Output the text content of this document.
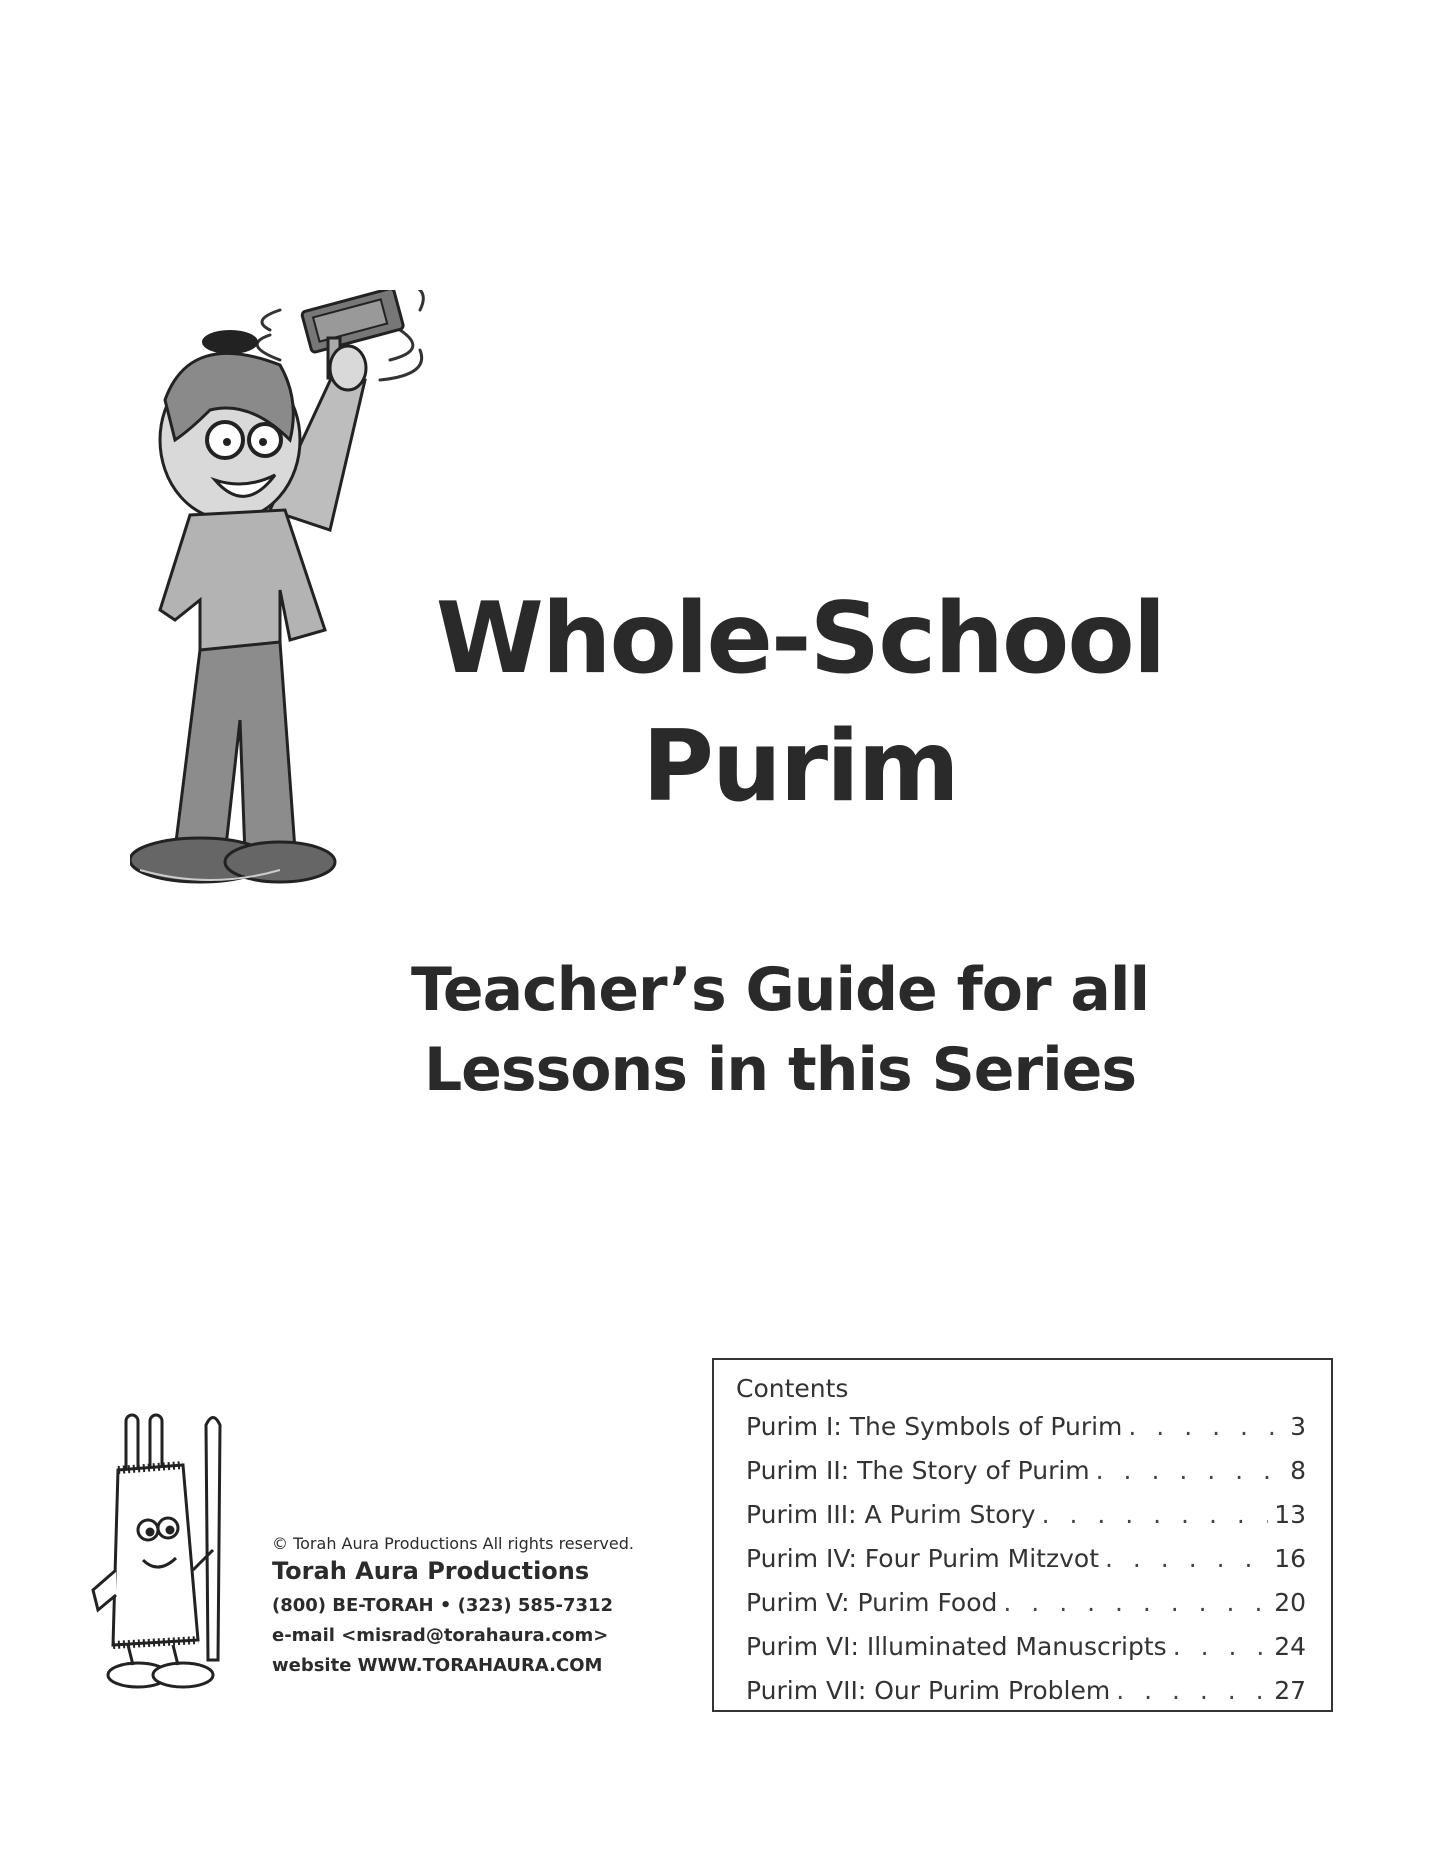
Whole-School
Purim
Teacher’s Guide for all
Lessons in this Series
© Torah Aura Productions All rights reserved.
Torah Aura Productions
(800) BE-TORAH • (323) 585-7312
e-mail <misrad@torahaura.com>
website WWW.TORAHAURA.COM
Contents
Purim I: The Symbols of Purim . . .	3
Purim II: The Story of Purim . . .	8
Purim III: A Purim Story . . .	13
Purim IV: Four Purim Mitzvot . . .	16
Purim V: Purim Food . . .	20
Purim VI: Illuminated Manuscripts . . .	24
Purim VII: Our Purim Problem . . .	27
